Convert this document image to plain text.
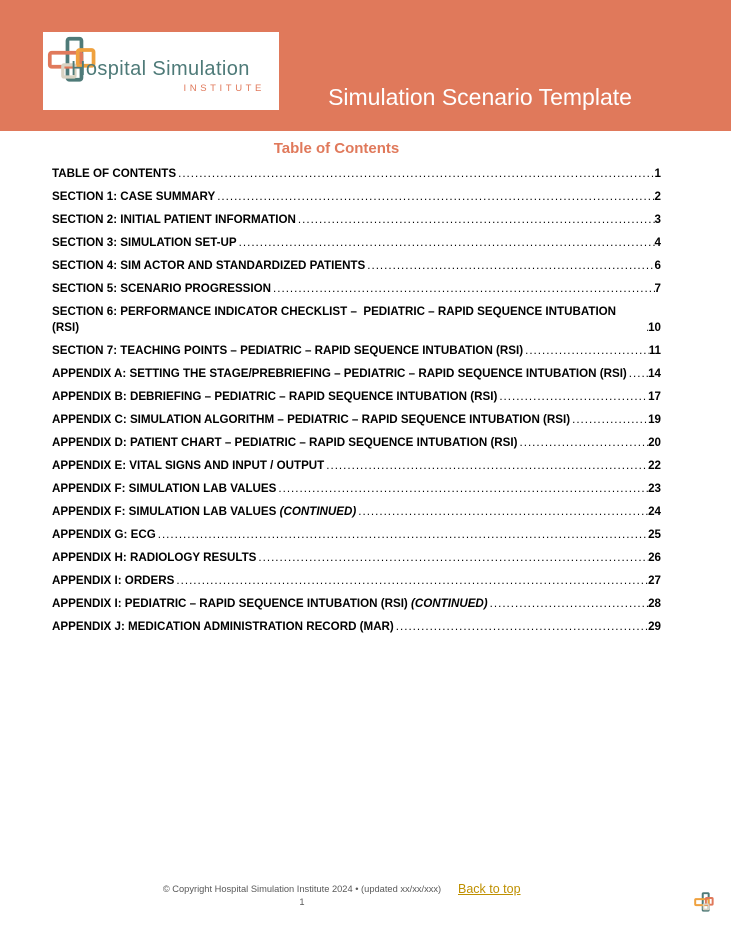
Hospital Simulation
INSTITUTE	Simulation Scenario Template
Table of Contents
TABLE OF CONTENTS .....	1
SECTION 1: CASE SUMMARY .....	2
SECTION 2: INITIAL PATIENT INFORMATION .....	3
SECTION 3: SIMULATION SET-UP .....	4
SECTION 4: SIM ACTOR AND STANDARDIZED PATIENTS .....	6
SECTION 5: SCENARIO PROGRESSION .....	7
SECTION 6: PERFORMANCE INDICATOR CHECKLIST –  PEDIATRIC – RAPID SEQUENCE INTUBATION (RSI) .....	10
SECTION 7: TEACHING POINTS – PEDIATRIC – RAPID SEQUENCE INTUBATION (RSI) .....	11
APPENDIX A: SETTING THE STAGE/PREBRIEFING – PEDIATRIC – RAPID SEQUENCE INTUBATION (RSI) ..... 14
APPENDIX B: DEBRIEFING – PEDIATRIC – RAPID SEQUENCE INTUBATION (RSI) .....	17
APPENDIX C: SIMULATION ALGORITHM – PEDIATRIC – RAPID SEQUENCE INTUBATION (RSI) .....	19
APPENDIX D: PATIENT CHART – PEDIATRIC – RAPID SEQUENCE INTUBATION (RSI) .....	20
APPENDIX E: VITAL SIGNS AND INPUT / OUTPUT .....	22
APPENDIX F: SIMULATION LAB VALUES .....	23
APPENDIX F: SIMULATION LAB VALUES (CONTINUED) .....	24
APPENDIX G: ECG .....	25
APPENDIX H: RADIOLOGY RESULTS .....	26
APPENDIX I: ORDERS .....	27
APPENDIX I: PEDIATRIC – RAPID SEQUENCE INTUBATION (RSI) (CONTINUED) .....	28
APPENDIX J: MEDICATION ADMINISTRATION RECORD (MAR) .....	29
© Copyright Hospital Simulation Institute 2024 • (updated xx/xx/xxx)
1
Back to top
